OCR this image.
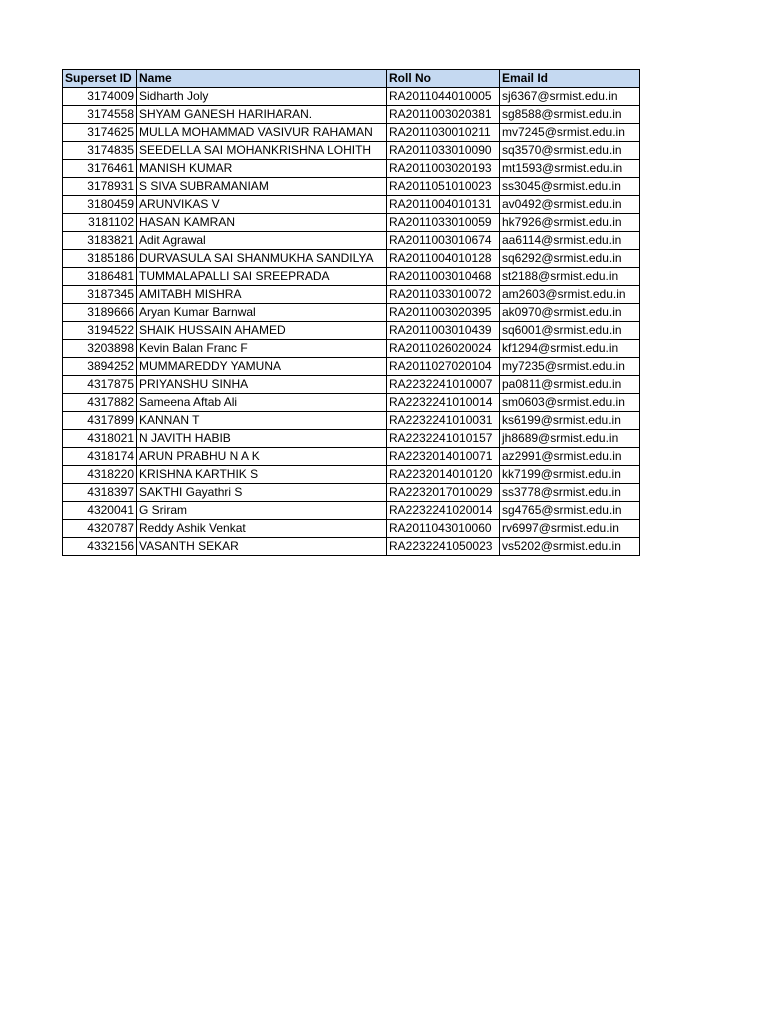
Superset ID	Name	Roll No	Email Id
3174009	Sidharth Joly	RA2011044010005	sj6367@srmist.edu.in
3174558	SHYAM GANESH HARIHARAN.	RA2011003020381	sg8588@srmist.edu.in
3174625	MULLA MOHAMMAD VASIVUR RAHAMAN	RA2011030010211	mv7245@srmist.edu.in
3174835	SEEDELLA SAI MOHANKRISHNA LOHITH	RA2011033010090	sq3570@srmist.edu.in
3176461	MANISH KUMAR	RA2011003020193	mt1593@srmist.edu.in
3178931	S SIVA SUBRAMANIAM	RA2011051010023	ss3045@srmist.edu.in
3180459	ARUNVIKAS V	RA2011004010131	av0492@srmist.edu.in
3181102	HASAN KAMRAN	RA2011033010059	hk7926@srmist.edu.in
3183821	Adit Agrawal	RA2011003010674	aa6114@srmist.edu.in
3185186	DURVASULA SAI SHANMUKHA SANDILYA	RA2011004010128	sq6292@srmist.edu.in
3186481	TUMMALAPALLI SAI SREEPRADA	RA2011003010468	st2188@srmist.edu.in
3187345	AMITABH MISHRA	RA2011033010072	am2603@srmist.edu.in
3189666	Aryan Kumar Barnwal	RA2011003020395	ak0970@srmist.edu.in
3194522	SHAIK HUSSAIN AHAMED	RA2011003010439	sq6001@srmist.edu.in
3203898	Kevin Balan Franc F	RA2011026020024	kf1294@srmist.edu.in
3894252	MUMMAREDDY YAMUNA	RA2011027020104	my7235@srmist.edu.in
4317875	PRIYANSHU SINHA	RA2232241010007	pa0811@srmist.edu.in
4317882	Sameena Aftab Ali	RA2232241010014	sm0603@srmist.edu.in
4317899	KANNAN T	RA2232241010031	ks6199@srmist.edu.in
4318021	N JAVITH HABIB	RA2232241010157	jh8689@srmist.edu.in
4318174	ARUN PRABHU N A K	RA2232014010071	az2991@srmist.edu.in
4318220	KRISHNA KARTHIK S	RA2232014010120	kk7199@srmist.edu.in
4318397	SAKTHI Gayathri S	RA2232017010029	ss3778@srmist.edu.in
4320041	G Sriram	RA2232241020014	sg4765@srmist.edu.in
4320787	Reddy Ashik Venkat	RA2011043010060	rv6997@srmist.edu.in
4332156	VASANTH SEKAR	RA2232241050023	vs5202@srmist.edu.in
